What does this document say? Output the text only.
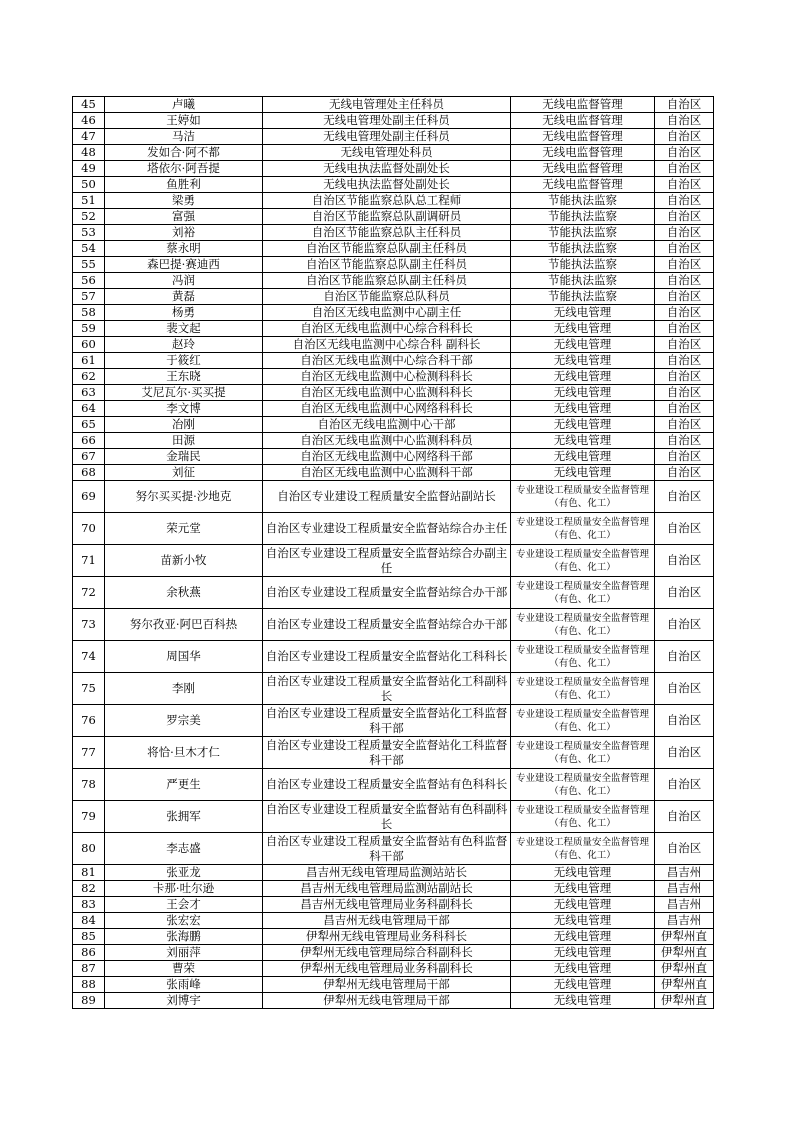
45	卢曦	无线电管理处主任科员	无线电监督管理	自治区
46	王婷如	无线电管理处副主任科员	无线电监督管理	自治区
47	马洁	无线电管理处副主任科员	无线电监督管理	自治区
48	发如合·阿不都	无线电管理处科员	无线电监督管理	自治区
49	塔依尔·阿吾提	无线电执法监督处副处长	无线电监督管理	自治区
50	鱼胜利	无线电执法监督处副处长	无线电监督管理	自治区
51	梁勇	自治区节能监察总队总工程师	节能执法监察	自治区
52	富强	自治区节能监察总队副调研员	节能执法监察	自治区
53	刘裕	自治区节能监察总队主任科员	节能执法监察	自治区
54	蔡永明	自治区节能监察总队副主任科员	节能执法监察	自治区
55	森巴提·赛迪西	自治区节能监察总队副主任科员	节能执法监察	自治区
56	冯润	自治区节能监察总队副主任科员	节能执法监察	自治区
57	黄磊	自治区节能监察总队科员	节能执法监察	自治区
58	杨勇	自治区无线电监测中心副主任	无线电管理	自治区
59	裴文起	自治区无线电监测中心综合科科长	无线电管理	自治区
60	赵玲	自治区无线电监测中心综合科 副科长	无线电管理	自治区
61	于筱红	自治区无线电监测中心综合科干部	无线电管理	自治区
62	王东晓	自治区无线电监测中心检测科科长	无线电管理	自治区
63	艾尼瓦尔·买买提	自治区无线电监测中心监测科科长	无线电管理	自治区
64	李文博	自治区无线电监测中心网络科科长	无线电管理	自治区
65	冶刚	自治区无线电监测中心干部	无线电管理	自治区
66	田源	自治区无线电监测中心监测科科员	无线电管理	自治区
67	金瑞民	自治区无线电监测中心网络科干部	无线电管理	自治区
68	刘征	自治区无线电监测中心监测科干部	无线电管理	自治区
69	努尔买买提·沙地克	自治区专业建设工程质量安全监督站副站长	专业建设工程质量安全监督管理（有色、化工）	自治区
70	荣元堂	自治区专业建设工程质量安全监督站综合办主任	专业建设工程质量安全监督管理（有色、化工）	自治区
71	苗新小牧	自治区专业建设工程质量安全监督站综合办副主任	专业建设工程质量安全监督管理（有色、化工）	自治区
72	余秋燕	自治区专业建设工程质量安全监督站综合办干部	专业建设工程质量安全监督管理（有色、化工）	自治区
73	努尔孜亚·阿巴百科热	自治区专业建设工程质量安全监督站综合办干部	专业建设工程质量安全监督管理（有色、化工）	自治区
74	周国华	自治区专业建设工程质量安全监督站化工科科长	专业建设工程质量安全监督管理（有色、化工）	自治区
75	李刚	自治区专业建设工程质量安全监督站化工科副科长	专业建设工程质量安全监督管理（有色、化工）	自治区
76	罗宗美	自治区专业建设工程质量安全监督站化工科监督科干部	专业建设工程质量安全监督管理（有色、化工）	自治区
77	将恰·旦木才仁	自治区专业建设工程质量安全监督站化工科监督科干部	专业建设工程质量安全监督管理（有色、化工）	自治区
78	严更生	自治区专业建设工程质量安全监督站有色科科长	专业建设工程质量安全监督管理（有色、化工）	自治区
79	张拥军	自治区专业建设工程质量安全监督站有色科副科长	专业建设工程质量安全监督管理（有色、化工）	自治区
80	李志盛	自治区专业建设工程质量安全监督站有色科监督科干部	专业建设工程质量安全监督管理（有色、化工）	自治区
81	张亚龙	昌吉州无线电管理局监测站站长	无线电管理	昌吉州
82	卡那·吐尔逊	昌吉州无线电管理局监测站副站长	无线电管理	昌吉州
83	王会才	昌吉州无线电管理局业务科副科长	无线电管理	昌吉州
84	张宏宏	昌吉州无线电管理局干部	无线电管理	昌吉州
85	张海鹏	伊犁州无线电管理局业务科科长	无线电管理	伊犁州直
86	刘丽萍	伊犁州无线电管理局综合科副科长	无线电管理	伊犁州直
87	曹荣	伊犁州无线电管理局业务科副科长	无线电管理	伊犁州直
88	张雨峰	伊犁州无线电管理局干部	无线电管理	伊犁州直
89	刘博宇	伊犁州无线电管理局干部	无线电管理	伊犁州直
